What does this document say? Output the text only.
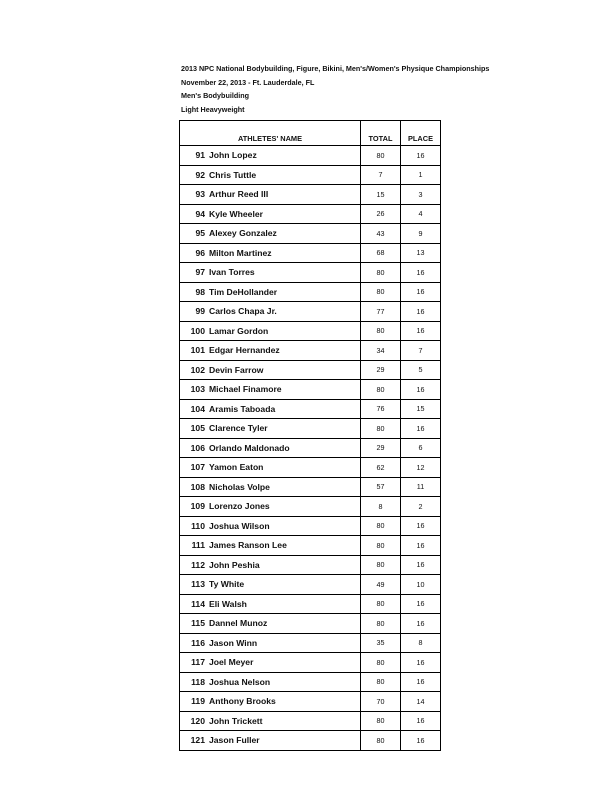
2013 NPC National Bodybuilding, Figure, Bikini, Men's/Women's Physique Championships
November 22, 2013 - Ft. Lauderdale, FL
Men's Bodybuilding
Light Heavyweight
ATHLETES' NAME	TOTAL	PLACE
91 John Lopez	80	16
92 Chris Tuttle	7	1
93 Arthur Reed III	15	3
94 Kyle Wheeler	26	4
95 Alexey Gonzalez	43	9
96 Milton Martinez	68	13
97 Ivan Torres	80	16
98 Tim DeHollander	80	16
99 Carlos Chapa Jr.	77	16
100 Lamar Gordon	80	16
101 Edgar Hernandez	34	7
102 Devin Farrow	29	5
103 Michael Finamore	80	16
104 Aramis Taboada	76	15
105 Clarence Tyler	80	16
106 Orlando Maldonado	29	6
107 Yamon Eaton	62	12
108 Nicholas Volpe	57	11
109 Lorenzo Jones	8	2
110 Joshua Wilson	80	16
111 James Ranson Lee	80	16
112 John Peshia	80	16
113 Ty White	49	10
114 Eli Walsh	80	16
115 Dannel Munoz	80	16
116 Jason Winn	35	8
117 Joel Meyer	80	16
118 Joshua Nelson	80	16
119 Anthony Brooks	70	14
120 John Trickett	80	16
121 Jason Fuller	80	16
